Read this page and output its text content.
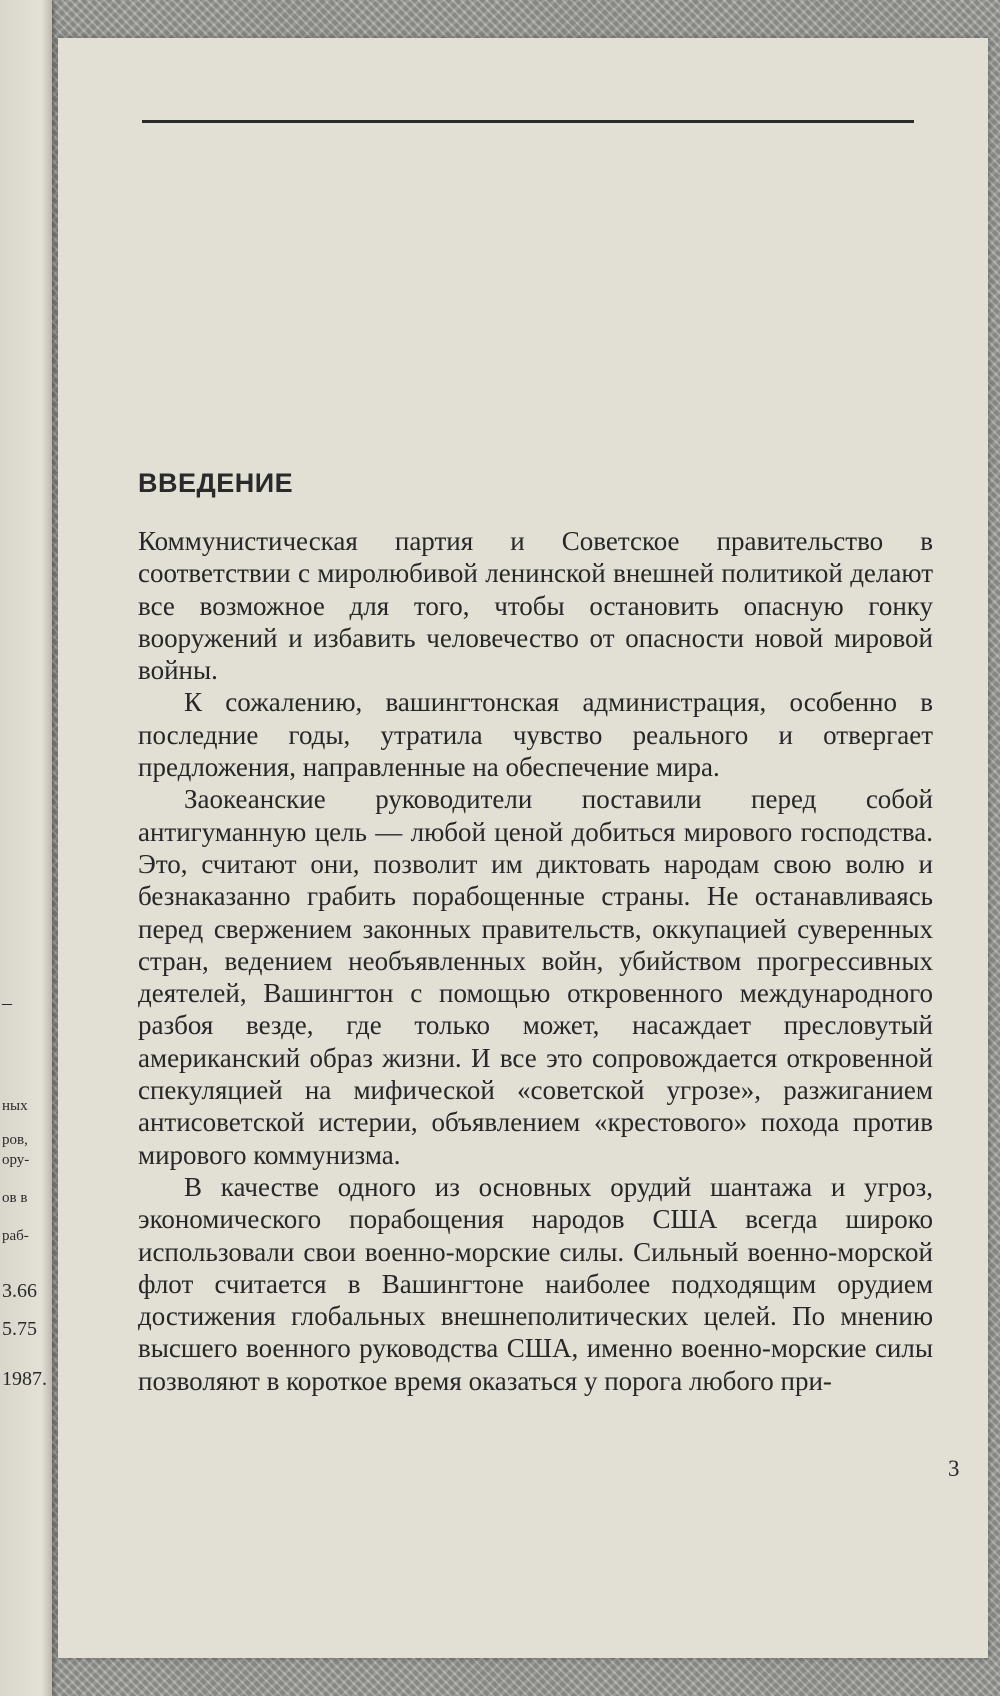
–
ных
ров,
ору-
ов в
раб-
3.66
5.75
1987.
ВВЕДЕНИЕ

Коммунистическая партия и Советское правительство в соответствии с миролюбивой ленинской внешней политикой делают все возможное для того, чтобы остановить опасную гонку вооружений и избавить человечество от опасности новой мировой войны.

К сожалению, вашингтонская администрация, особенно в последние годы, утратила чувство реального и отвергает предложения, направленные на обеспечение мира.

Заокеанские руководители поставили перед собой антигуманную цель — любой ценой добиться мирового господства. Это, считают они, позволит им диктовать народам свою волю и безнаказанно грабить порабощенные страны. Не останавливаясь перед свержением законных правительств, оккупацией суверенных стран, ведением необъявленных войн, убийством прогрессивных деятелей, Вашингтон с помощью откровенного международного разбоя везде, где только может, насаждает пресловутый американский образ жизни. И все это сопровождается откровенной спекуляцией на мифической «советской угрозе», разжиганием антисоветской истерии, объявлением «крестового» похода против мирового коммунизма.

В качестве одного из основных орудий шантажа и угроз, экономического порабощения народов США всегда широко использовали свои военно-морские силы. Сильный военно-морской флот считается в Вашингтоне наиболее подходящим орудием достижения глобальных внешнеполитических целей. По мнению высшего военного руководства США, именно военно-морские силы позволяют в короткое время оказаться у порога любого при-

3
